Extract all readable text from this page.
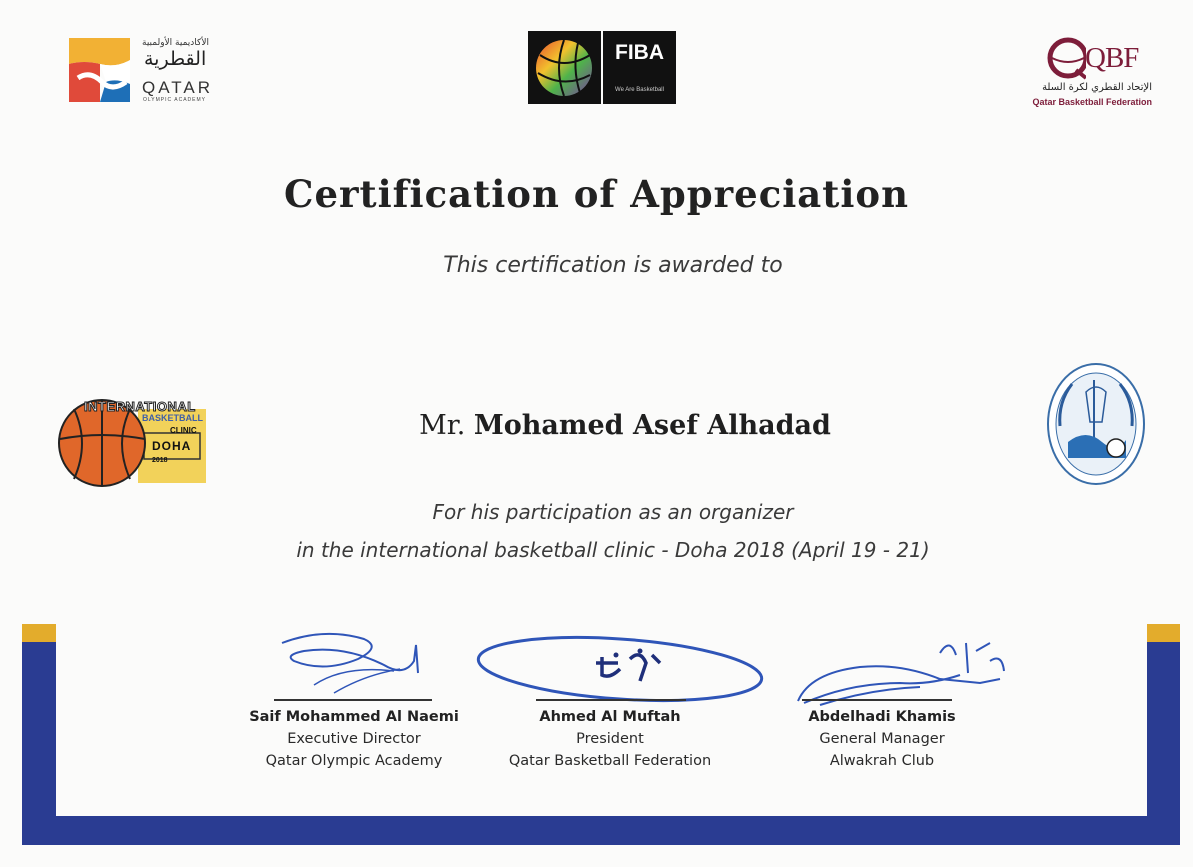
الأكاديمية الأولمبية
القطرية
QATAR
OLYMPIC ACADEMY
FIBA
We Are Basketball
QBF
الإتحاد القطري لكرة السلة
Qatar Basketball Federation
Certification of Appreciation
This certification is awarded to
INTERNATIONAL
BASKETBALL
CLINIC
DOHA
2018
Mr. Mohamed Asef Alhadad
For his participation as an organizer
in the international basketball clinic - Doha 2018 (April 19 - 21)
Saif Mohammed Al Naemi
Executive Director
Qatar Olympic Academy
Ahmed Al Muftah
President
Qatar Basketball Federation
Abdelhadi Khamis
General Manager
Alwakrah Club
